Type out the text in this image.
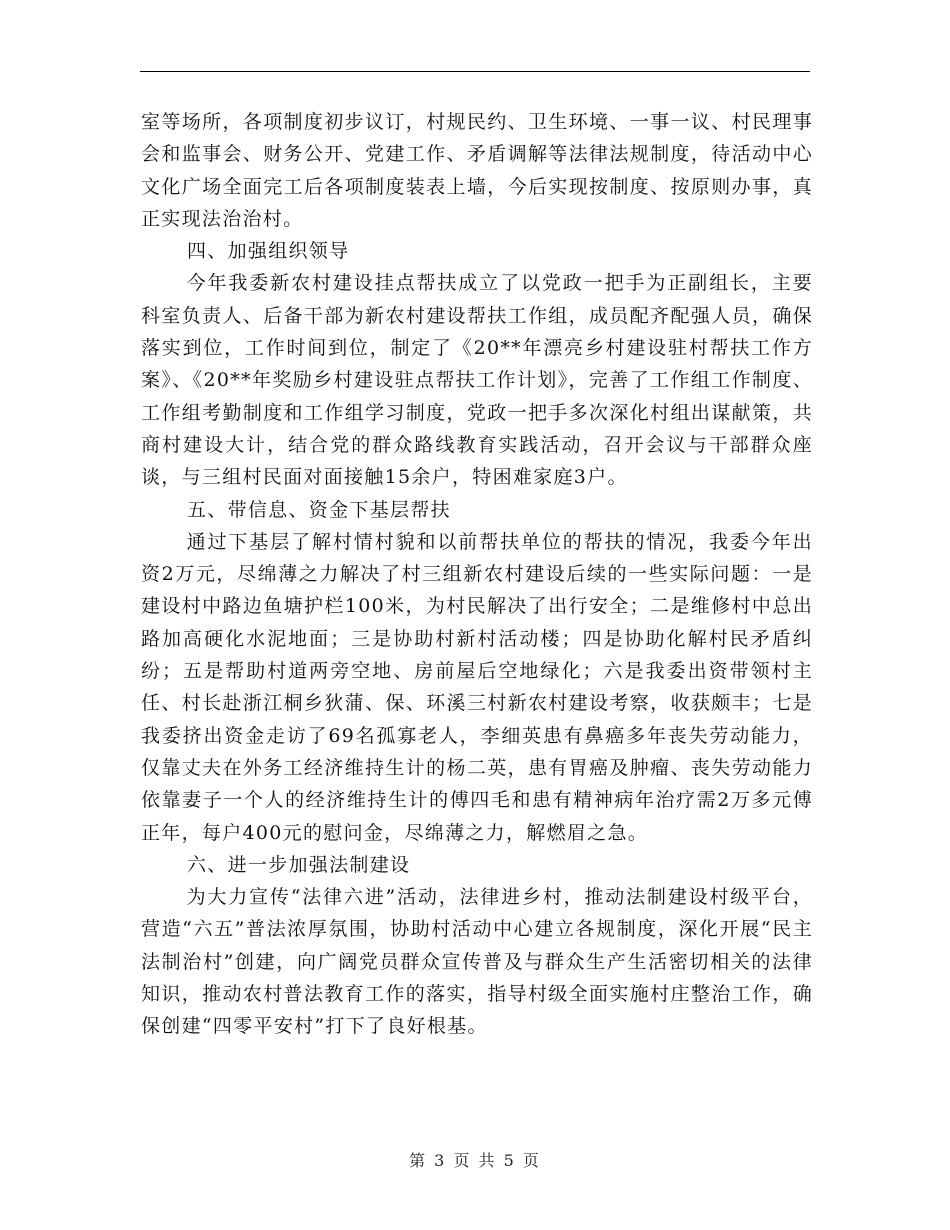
室等场所，各项制度初步议订，村规民约、卫生环境、一事一议、村民理事会和监事会、财务公开、党建工作、矛盾调解等法律法规制度，待活动中心文化广场全面完工后各项制度装表上墙，今后实现按制度、按原则办事，真正实现法治治村。

四、加强组织领导

今年我委新农村建设挂点帮扶成立了以党政一把手为正副组长，主要科室负责人、后备干部为新农村建设帮扶工作组，成员配齐配强人员，确保落实到位，工作时间到位，制定了《20**年漂亮乡村建设驻村帮扶工作方案》、《20**年奖励乡村建设驻点帮扶工作计划》，完善了工作组工作制度、工作组考勤制度和工作组学习制度，党政一把手多次深化村组出谋献策，共商村建设大计，结合党的群众路线教育实践活动，召开会议与干部群众座谈，与三组村民面对面接触15余户，特困难家庭3户。

五、带信息、资金下基层帮扶

通过下基层了解村情村貌和以前帮扶单位的帮扶的情况，我委今年出资2万元，尽绵薄之力解决了村三组新农村建设后续的一些实际问题：一是建设村中路边鱼塘护栏100米，为村民解决了出行安全；二是维修村中总出路加高硬化水泥地面；三是协助村新村活动楼；四是协助化解村民矛盾纠纷；五是帮助村道两旁空地、房前屋后空地绿化；六是我委出资带领村主任、村长赴浙江桐乡狄蒲、保、环溪三村新农村建设考察，收获颇丰；七是我委挤出资金走访了69名孤寡老人，李细英患有鼻癌多年丧失劳动能力，仅靠丈夫在外务工经济维持生计的杨二英，患有胃癌及肿瘤、丧失劳动能力依靠妻子一个人的经济维持生计的傅四毛和患有精神病年治疗需2万多元傅正年，每户400元的慰问金，尽绵薄之力，解燃眉之急。

六、进一步加强法制建设

为大力宣传“法律六进”活动，法律进乡村，推动法制建设村级平台，营造“六五”普法浓厚氛围，协助村活动中心建立各规制度，深化开展“民主法制治村”创建，向广阔党员群众宣传普及与群众生产生活密切相关的法律知识，推动农村普法教育工作的落实，指导村级全面实施村庄整治工作，确保创建“四零平安村”打下了良好根基。

第 3 页 共 5 页
